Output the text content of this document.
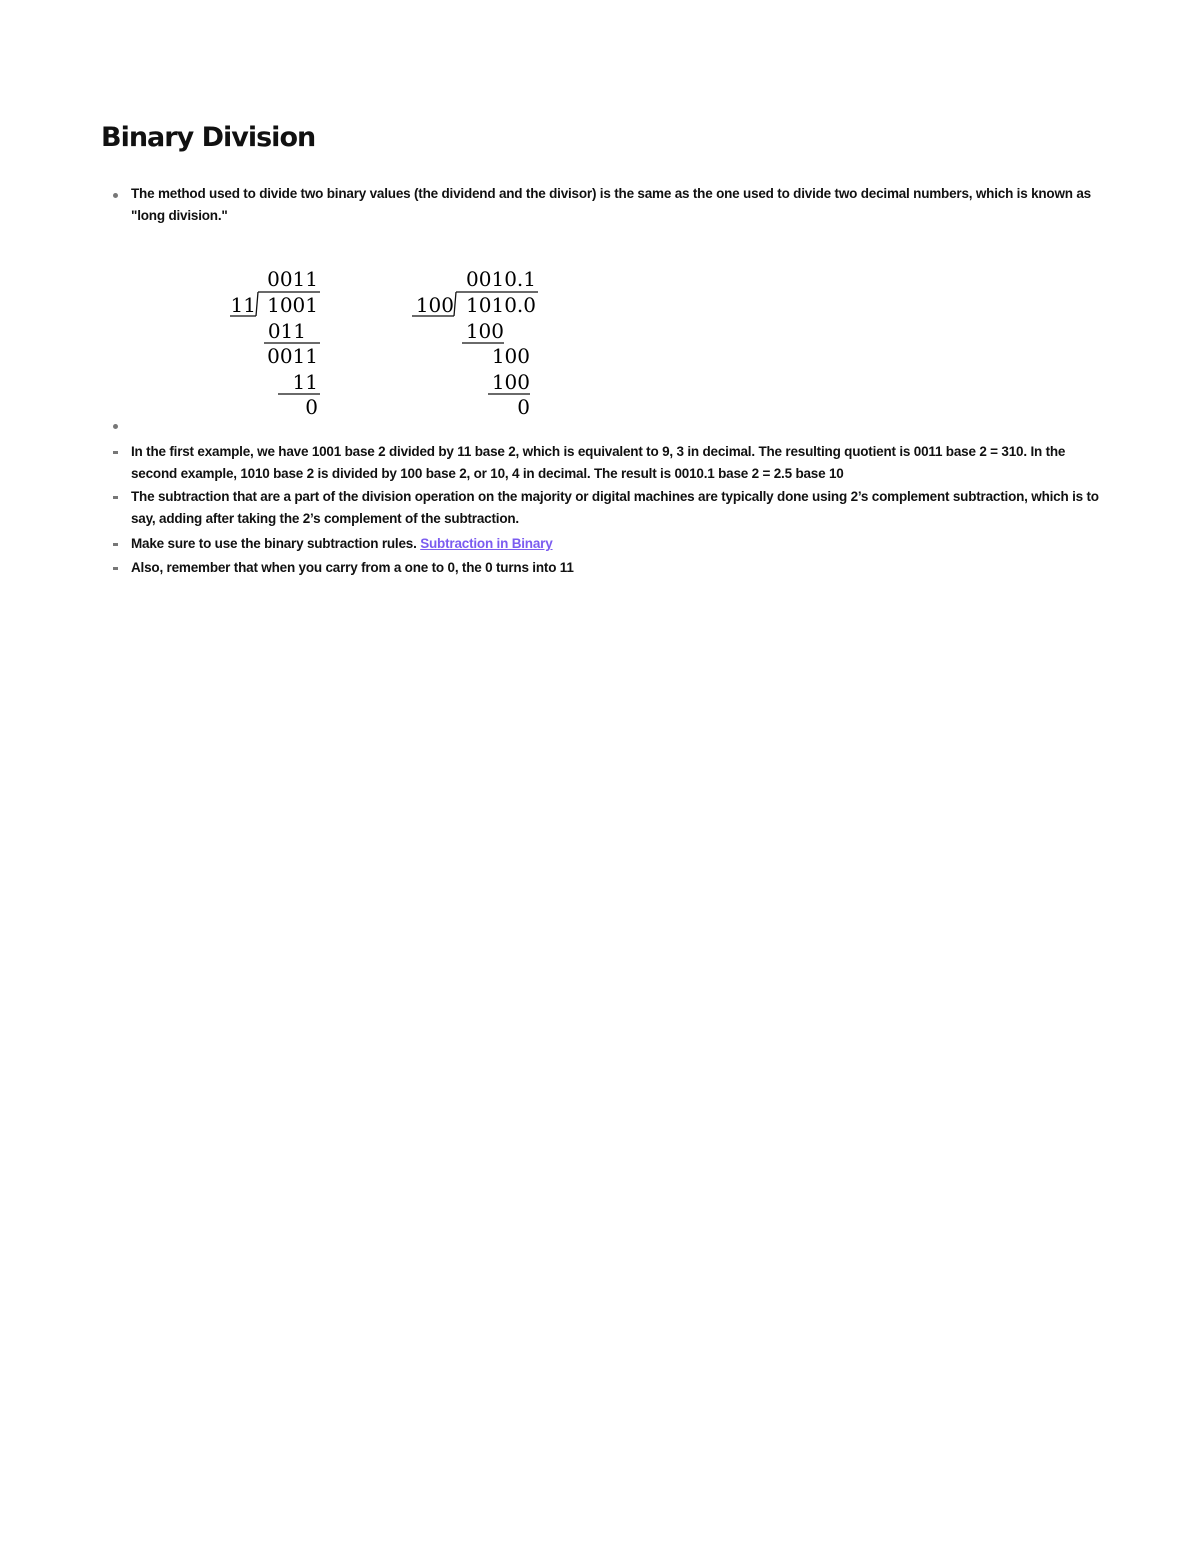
Binary Division
The method used to divide two binary values (the dividend and the divisor) is the same as the one used to divide two decimal numbers, which is known as "long division."
0011
11 1001
011
0011
11
0
0010.1
100 1010.0
100
100
100
0
In the first example, we have 1001 base 2 divided by 11 base 2, which is equivalent to 9, 3 in decimal. The resulting quotient is 0011 base 2 = 310. In the second example, 1010 base 2 is divided by 100 base 2, or 10, 4 in decimal. The result is 0010.1 base 2 = 2.5 base 10
The subtraction that are a part of the division operation on the majority or digital machines are typically done using 2’s complement subtraction, which is to say, adding after taking the 2’s complement of the subtraction.
Make sure to use the binary subtraction rules. Subtraction in Binary
Also, remember that when you carry from a one to 0, the 0 turns into 11
